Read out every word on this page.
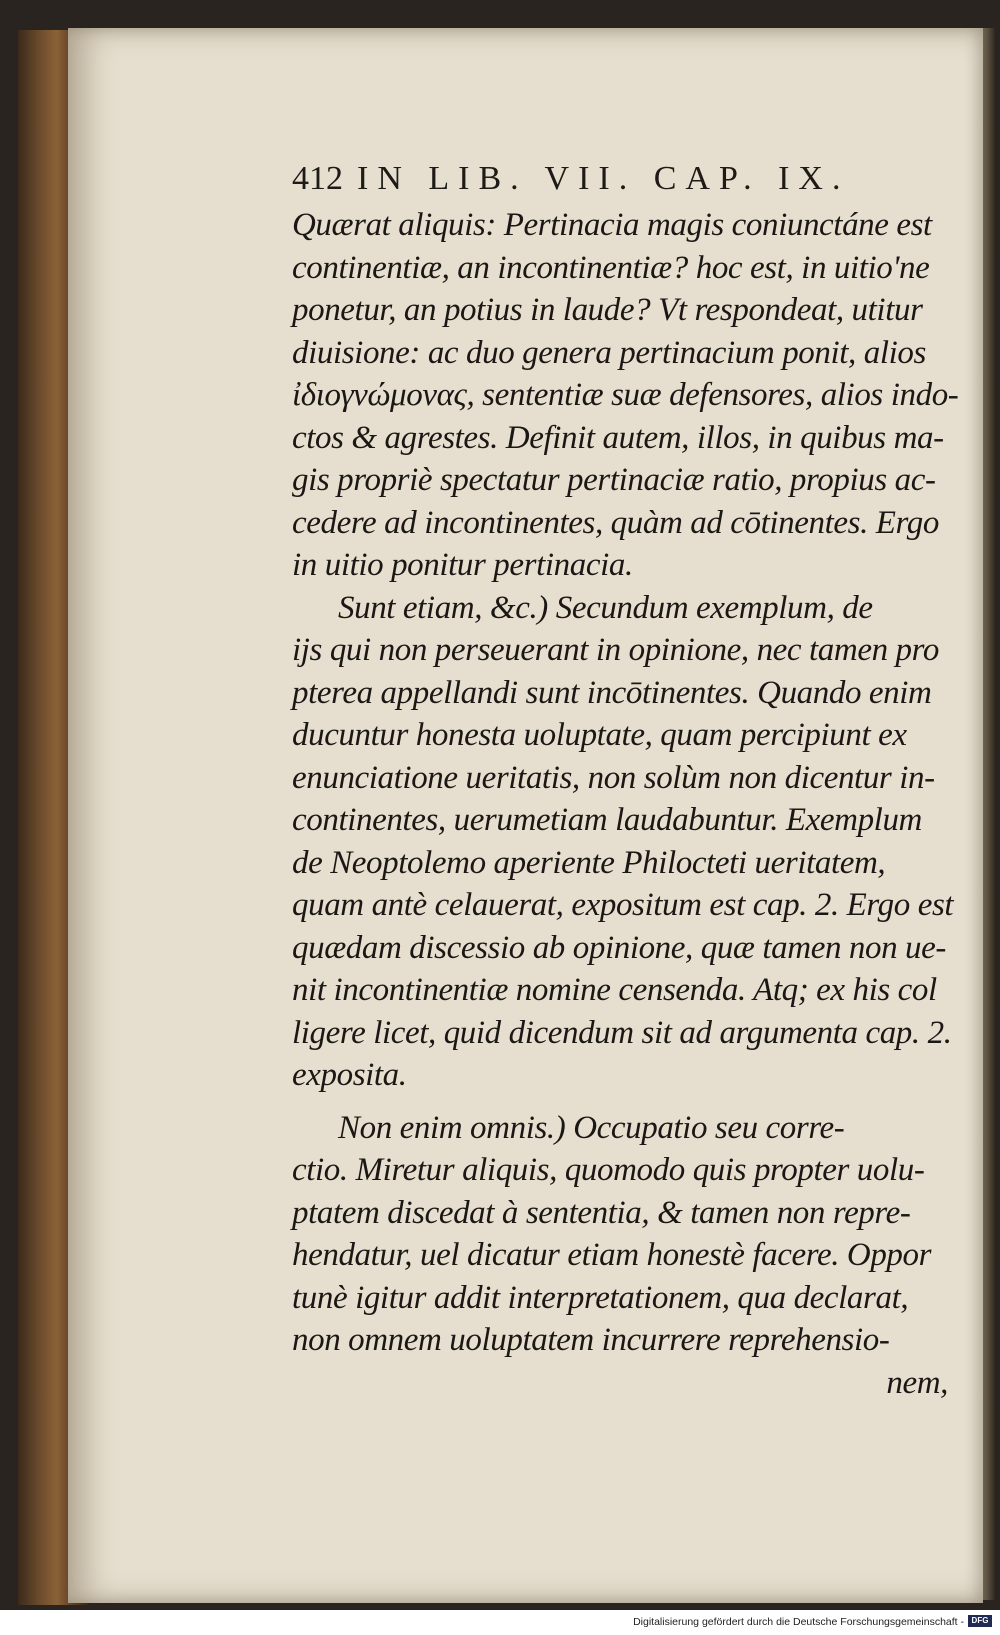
412 IN LIB. VII. CAP. IX.
Quærat aliquis: Pertinacia magis coniunctáne est
continentiæ, an incontinentiæ? hoc est, in uitio'ne
ponetur, an potius in laude? Vt respondeat, utitur
diuisione: ac duo genera pertinacium ponit, alios
ἰδιογνώμονας, sententiæ suæ defensores, alios indo-
ctos & agrestes. Definit autem, illos, in quibus ma-
gis propriè spectatur pertinaciæ ratio, propius ac-
cedere ad incontinentes, quàm ad cōtinentes. Ergo
in uitio ponitur pertinacia.
Sunt etiam, &c.) Secundum exemplum, de
ijs qui non perseuerant in opinione, nec tamen pro
pterea appellandi sunt incōtinentes. Quando enim
ducuntur honesta uoluptate, quam percipiunt ex
enunciatione ueritatis, non solùm non dicentur in-
continentes, uerumetiam laudabuntur. Exemplum
de Neoptolemo aperiente Philocteti ueritatem,
quam antè celauerat, expositum est cap. 2. Ergo est
quædam discessio ab opinione, quæ tamen non ue-
nit incontinentiæ nomine censenda. Atq; ex his col
ligere licet, quid dicendum sit ad argumenta cap. 2.
exposita.
Non enim omnis.) Occupatio seu corre-
ctio. Miretur aliquis, quomodo quis propter uolu-
ptatem discedat à sententia, & tamen non repre-
hendatur, uel dicatur etiam honestè facere. Oppor
tunè igitur addit interpretationem, qua declarat,
non omnem uoluptatem incurrere reprehensio-
nem,
Digitalisierung gefördert durch die Deutsche Forschungsgemeinschaft - DFG
